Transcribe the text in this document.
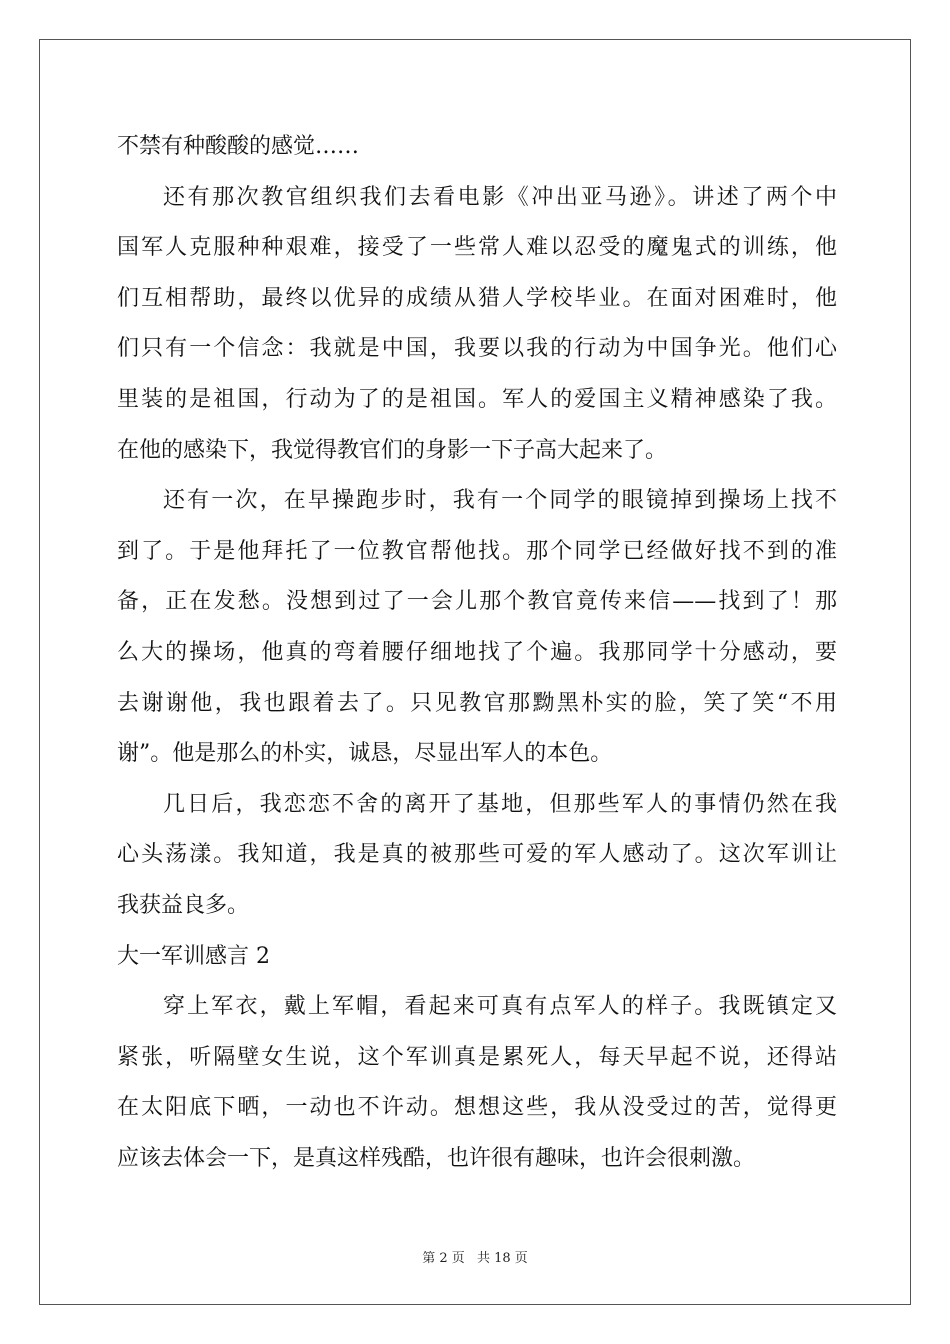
不禁有种酸酸的感觉……
还有那次教官组织我们去看电影《冲出亚马逊》。讲述了两个中
国军人克服种种艰难，接受了一些常人难以忍受的魔鬼式的训练，他
们互相帮助，最终以优异的成绩从猎人学校毕业。在面对困难时，他
们只有一个信念：我就是中国，我要以我的行动为中国争光。他们心
里装的是祖国，行动为了的是祖国。军人的爱国主义精神感染了我。
在他的感染下，我觉得教官们的身影一下子高大起来了。
还有一次，在早操跑步时，我有一个同学的眼镜掉到操场上找不
到了。于是他拜托了一位教官帮他找。那个同学已经做好找不到的准
备，正在发愁。没想到过了一会儿那个教官竟传来信——找到了！那
么大的操场，他真的弯着腰仔细地找了个遍。我那同学十分感动，要
去谢谢他，我也跟着去了。只见教官那黝黑朴实的脸，笑了笑“不用
谢”。他是那么的朴实，诚恳，尽显出军人的本色。
几日后，我恋恋不舍的离开了基地，但那些军人的事情仍然在我
心头荡漾。我知道，我是真的被那些可爱的军人感动了。这次军训让
我获益良多。
大一军训感言 2
穿上军衣，戴上军帽，看起来可真有点军人的样子。我既镇定又
紧张，听隔壁女生说，这个军训真是累死人，每天早起不说，还得站
在太阳底下晒，一动也不许动。想想这些，我从没受过的苦，觉得更
应该去体会一下，是真这样残酷，也许很有趣味，也许会很刺激。
第 2 页 共 18 页
